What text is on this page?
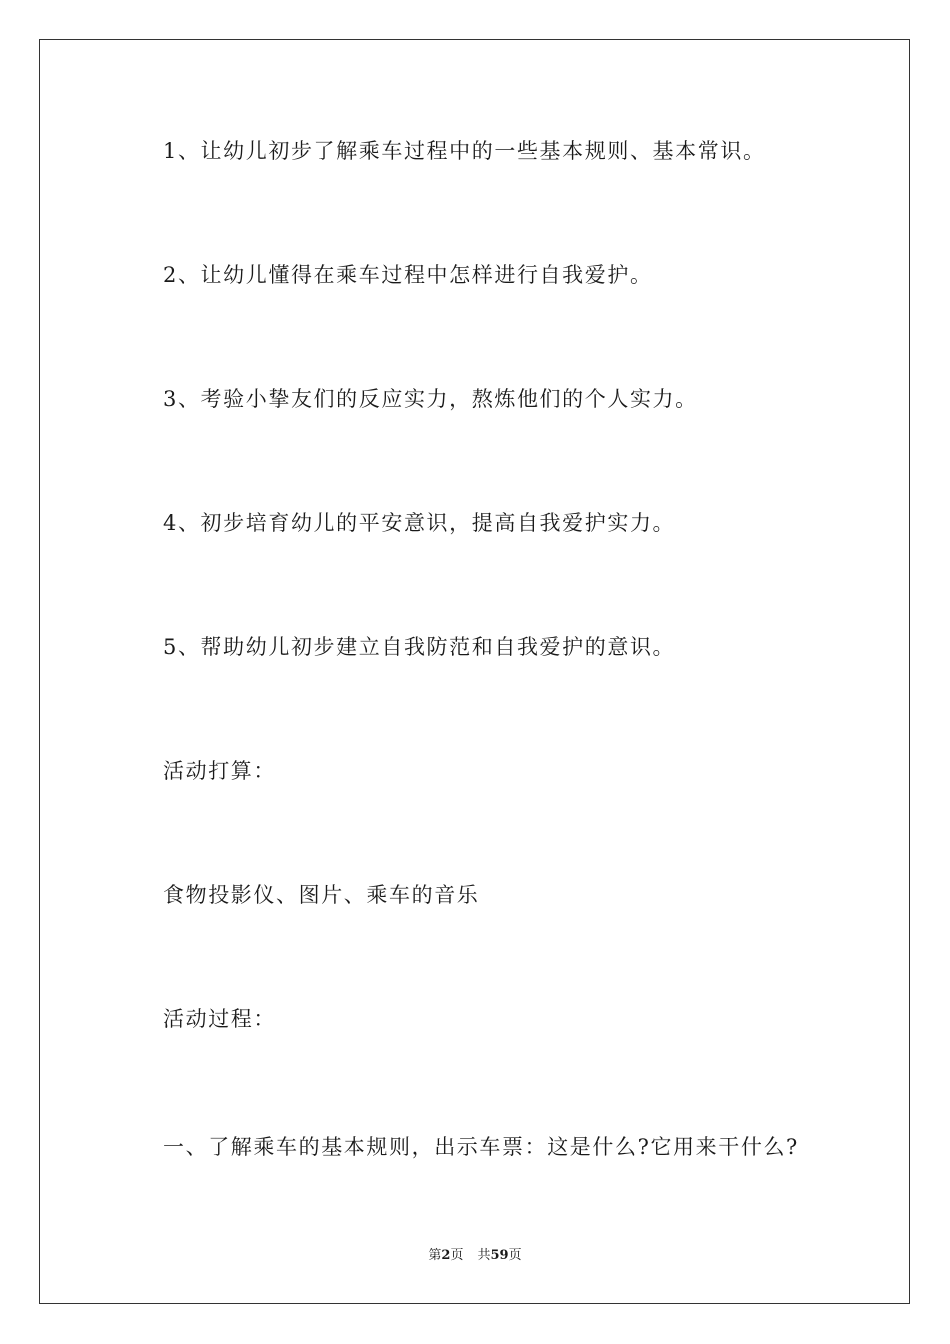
1、让幼儿初步了解乘车过程中的一些基本规则、基本常识。
2、让幼儿懂得在乘车过程中怎样进行自我爱护。
3、考验小挚友们的反应实力，熬炼他们的个人实力。
4、初步培育幼儿的平安意识，提高自我爱护实力。
5、帮助幼儿初步建立自我防范和自我爱护的意识。
活动打算：
食物投影仪、图片、乘车的音乐
活动过程：
一、了解乘车的基本规则，出示车票：这是什么?它用来干什么?
第2页 共59页
